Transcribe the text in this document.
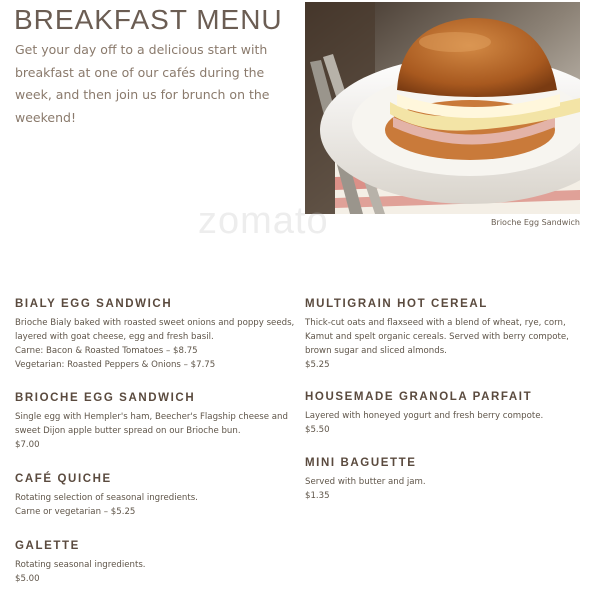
BREAKFAST MENU

Get your day off to a delicious start with breakfast at one of our cafés during the week, and then join us for brunch on the weekend!

zomato	Brioche Egg Sandwich
BIALY EGG SANDWICH

Brioche Bialy baked with roasted sweet onions and poppy seeds, layered with goat cheese, egg and fresh basil.
Carne: Bacon & Roasted Tomatoes – $8.75
Vegetarian: Roasted Peppers & Onions – $7.75

BRIOCHE EGG SANDWICH

Single egg with Hempler's ham, Beecher's Flagship cheese and sweet Dijon apple butter spread on our Brioche bun.
$7.00

CAFÉ QUICHE

Rotating selection of seasonal ingredients.
Carne or vegetarian – $5.25

GALETTE

Rotating seasonal ingredients.
$5.00

MULTIGRAIN HOT CEREAL

Thick-cut oats and flaxseed with a blend of wheat, rye, corn, Kamut and spelt organic cereals. Served with berry compote, brown sugar and sliced almonds.
$5.25

HOUSEMADE GRANOLA PARFAIT

Layered with honeyed yogurt and fresh berry compote.
$5.50

MINI BAGUETTE

Served with butter and jam.
$1.35
